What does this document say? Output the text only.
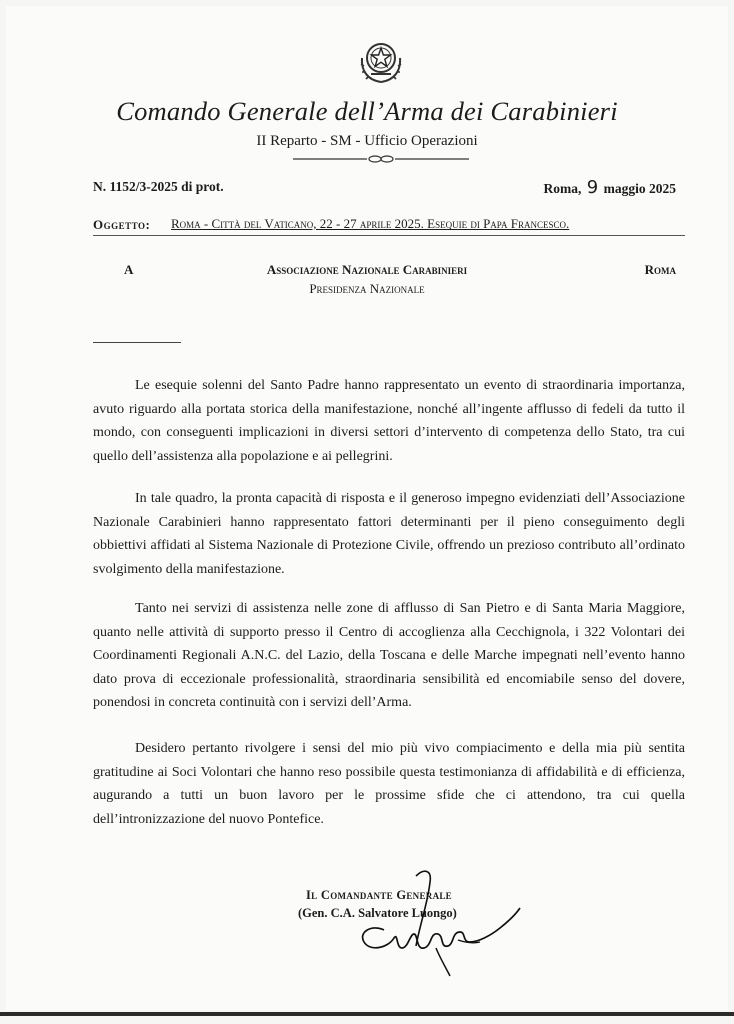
Comando Generale dell’Arma dei Carabinieri
II Reparto - SM - Ufficio Operazioni
N. 1152/3-2025 di prot.	Roma, 9 maggio 2025
Oggetto: Roma - Città del Vaticano, 22 - 27 aprile 2025. Esequie di Papa Francesco.
A	Associazione Nazionale Carabinieri
Presidenza Nazionale
Roma

Le esequie solenni del Santo Padre hanno rappresentato un evento di straordinaria importanza, avuto riguardo alla portata storica della manifestazione, nonché all’ingente afflusso di fedeli da tutto il mondo, con conseguenti implicazioni in diversi settori d’intervento di competenza dello Stato, tra cui quello dell’assistenza alla popolazione e ai pellegrini.

In tale quadro, la pronta capacità di risposta e il generoso impegno evidenziati dell’Associazione Nazionale Carabinieri hanno rappresentato fattori determinanti per il pieno conseguimento degli obbiettivi affidati al Sistema Nazionale di Protezione Civile, offrendo un prezioso contributo all’ordinato svolgimento della manifestazione.

Tanto nei servizi di assistenza nelle zone di afflusso di San Pietro e di Santa Maria Maggiore, quanto nelle attività di supporto presso il Centro di accoglienza alla Cecchignola, i 322 Volontari dei Coordinamenti Regionali A.N.C. del Lazio, della Toscana e delle Marche impegnati nell’evento hanno dato prova di eccezionale professionalità, straordinaria sensibilità ed encomiabile senso del dovere, ponendosi in concreta continuità con i servizi dell’Arma.

Desidero pertanto rivolgere i sensi del mio più vivo compiacimento e della mia più sentita gratitudine ai Soci Volontari che hanno reso possibile questa testimonianza di affidabilità e di efficienza, augurando a tutti un buon lavoro per le prossime sfide che ci attendono, tra cui quella dell’intronizzazione del nuovo Pontefice.

Il Comandante Generale
(Gen. C.A. Salvatore Luongo)
